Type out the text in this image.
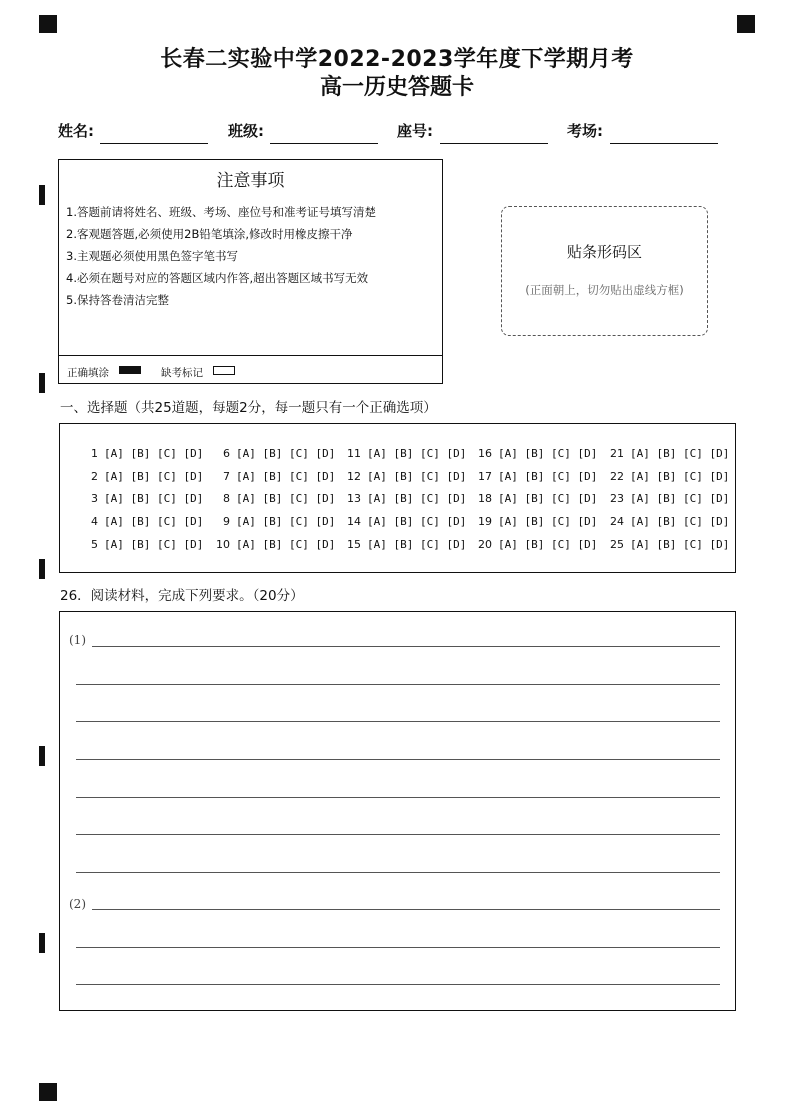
长春二实验中学2022-2023学年度下学期月考
高一历史答题卡
姓名:	班级:	座号:	考场:
注意事项
1.答题前请将姓名、班级、考场、座位号和准考证号填写清楚
2.客观题答题,必须使用2B铅笔填涂,修改时用橡皮擦干净
3.主观题必须使用黑色签字笔书写
4.必须在题号对应的答题区域内作答,超出答题区域书写无效
5.保持答卷清洁完整
正确填涂	缺考标记
贴条形码区
(正面朝上，切勿贴出虚线方框)
一、选择题（共25道题，每题2分，每一题只有一个正确选项）
1 [A] [B] [C] [D]
2 [A] [B] [C] [D]
3 [A] [B] [C] [D]
4 [A] [B] [C] [D]
5 [A] [B] [C] [D]
6 [A] [B] [C] [D]
7 [A] [B] [C] [D]
8 [A] [B] [C] [D]
9 [A] [B] [C] [D]
10 [A] [B] [C] [D]
11 [A] [B] [C] [D]
12 [A] [B] [C] [D]
13 [A] [B] [C] [D]
14 [A] [B] [C] [D]
15 [A] [B] [C] [D]
16 [A] [B] [C] [D]
17 [A] [B] [C] [D]
18 [A] [B] [C] [D]
19 [A] [B] [C] [D]
20 [A] [B] [C] [D]
21 [A] [B] [C] [D]
22 [A] [B] [C] [D]
23 [A] [B] [C] [D]
24 [A] [B] [C] [D]
25 [A] [B] [C] [D]
26．阅读材料，完成下列要求。（20分）
(1)
(2)
